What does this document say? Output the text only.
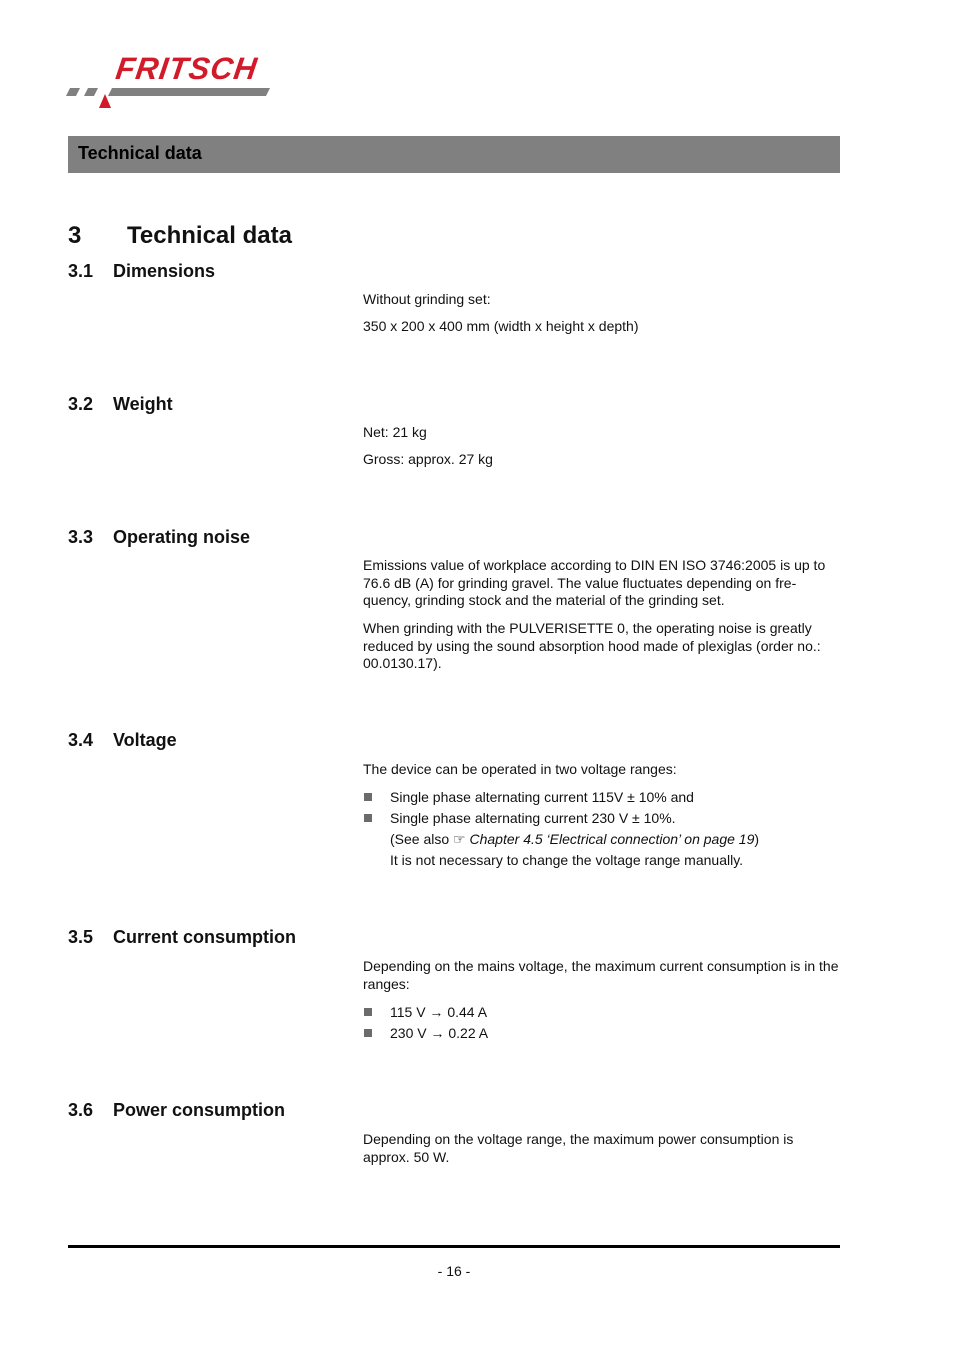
FRITSCH
Technical data
3 Technical data
3.1 Dimensions
Without grinding set:
350 x 200 x 400 mm (width x height x depth)
3.2 Weight
Net: 21 kg
Gross: approx. 27 kg
3.3 Operating noise
Emissions value of workplace according to DIN EN ISO 3746:2005 is up to 76.6 dB (A) for grinding gravel. The value fluctuates depending on fre-quency, grinding stock and the material of the grinding set.
When grinding with the PULVERISETTE 0, the operating noise is greatly reduced by using the sound absorption hood made of plexiglas (order no.: 00.0130.17).
3.4 Voltage
The device can be operated in two voltage ranges:
Single phase alternating current 115V ± 10% and
Single phase alternating current 230 V ± 10%.
(See also ☞ Chapter 4.5 ‘Electrical connection’ on page 19)
It is not necessary to change the voltage range manually.
3.5 Current consumption
Depending on the mains voltage, the maximum current consumption is in the ranges:
115 V → 0.44 A
230 V → 0.22 A
3.6 Power consumption
Depending on the voltage range, the maximum power consumption is approx. 50 W.
- 16 -
